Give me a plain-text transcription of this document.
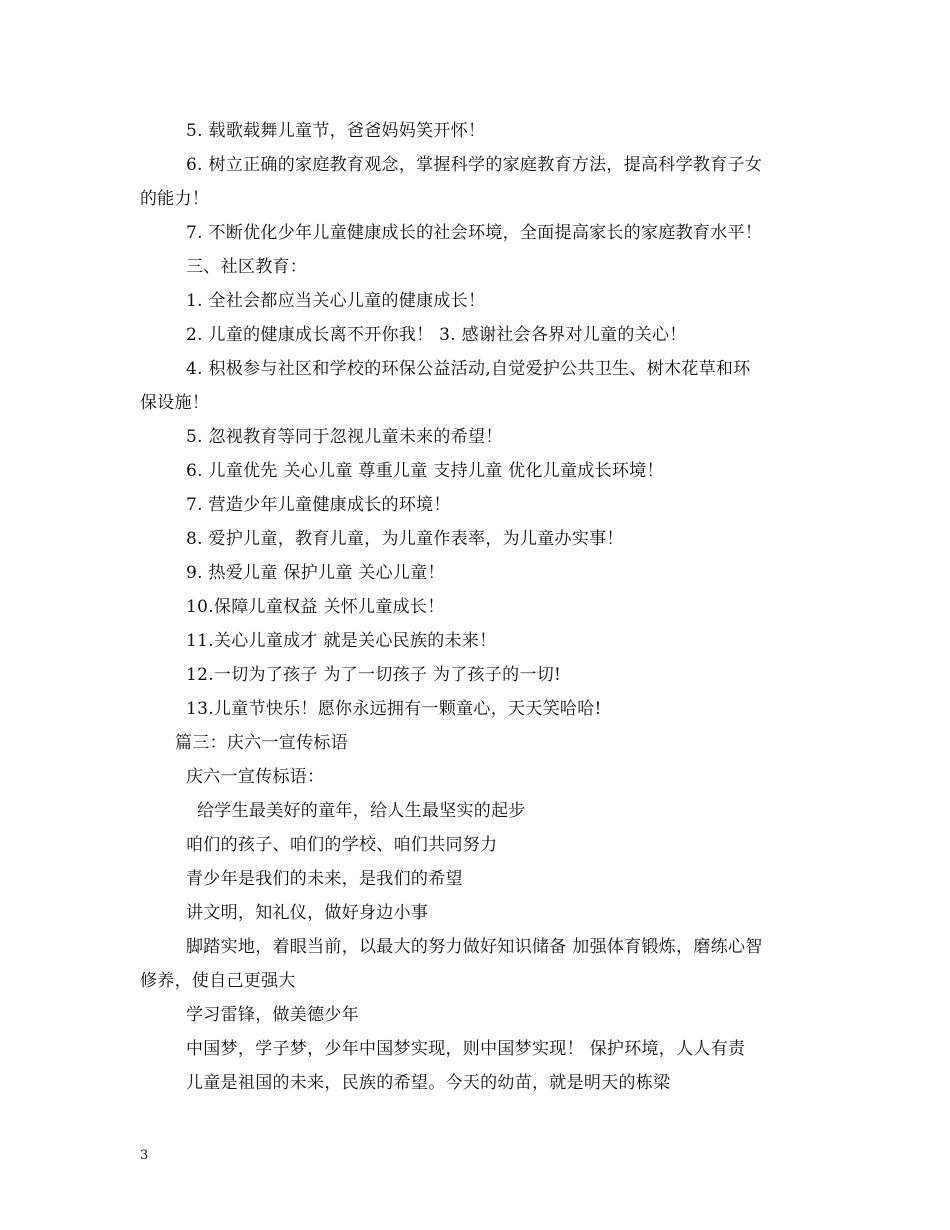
5. 载歌载舞儿童节，爸爸妈妈笑开怀！
6. 树立正确的家庭教育观念，掌握科学的家庭教育方法，提高科学教育子女
的能力！
7. 不断优化少年儿童健康成长的社会环境，全面提高家长的家庭教育水平！
三、社区教育：
1. 全社会都应当关心儿童的健康成长！
2. 儿童的健康成长离不开你我！ 3. 感谢社会各界对儿童的关心！
4. 积极参与社区和学校的环保公益活动,自觉爱护公共卫生、树木花草和环
保设施！
5. 忽视教育等同于忽视儿童未来的希望！
6. 儿童优先 关心儿童 尊重儿童 支持儿童 优化儿童成长环境！
7. 营造少年儿童健康成长的环境！
8. 爱护儿童，教育儿童，为儿童作表率，为儿童办实事！
9. 热爱儿童 保护儿童 关心儿童！
10.保障儿童权益 关怀儿童成长！
11.关心儿童成才 就是关心民族的未来！
12.一切为了孩子 为了一切孩子 为了孩子的一切!
13.儿童节快乐！愿你永远拥有一颗童心，天天笑哈哈!
篇三：庆六一宣传标语
庆六一宣传标语：
给学生最美好的童年，给人生最坚实的起步
咱们的孩子、咱们的学校、咱们共同努力
青少年是我们的未来，是我们的希望
讲文明，知礼仪，做好身边小事
脚踏实地，着眼当前，以最大的努力做好知识储备 加强体育锻炼，磨练心智
修养，使自己更强大
学习雷锋，做美德少年
中国梦，学子梦，少年中国梦实现，则中国梦实现！ 保护环境，人人有责
儿童是祖国的未来，民族的希望。今天的幼苗，就是明天的栋梁
3
